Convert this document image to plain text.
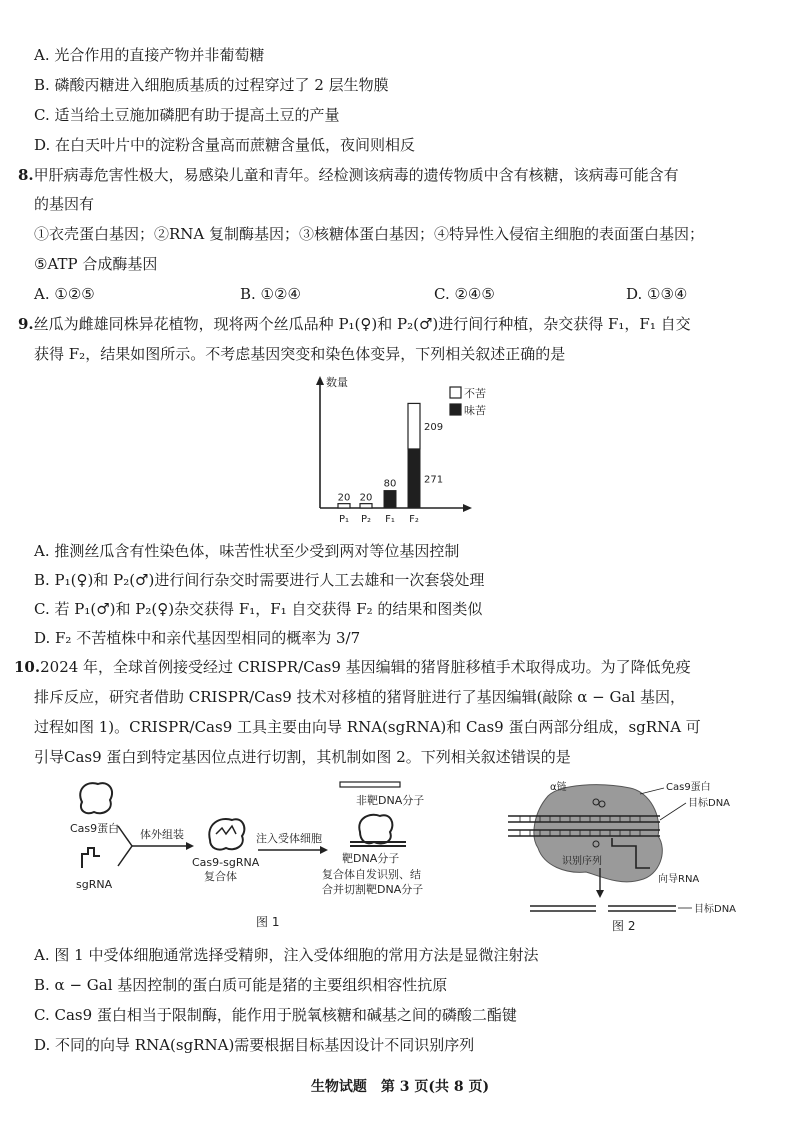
A. 光合作用的直接产物并非葡萄糖
B. 磷酸丙糖进入细胞质基质的过程穿过了 2 层生物膜
C. 适当给土豆施加磷肥有助于提高土豆的产量
D. 在白天叶片中的淀粉含量高而蔗糖含量低，夜间则相反
8.甲肝病毒危害性极大，易感染儿童和青年。经检测该病毒的遗传物质中含有核糖，该病毒可能含有
的基因有
①衣壳蛋白基因；②RNA 复制酶基因；③核糖体蛋白基因；④特异性入侵宿主细胞的表面蛋白基因；
⑤ATP 合成酶基因
A. ①②⑤	B. ①②④	C. ②④⑤	D. ①③④
9.丝瓜为雌雄同株异花植物，现将两个丝瓜品种 P₁(♀)和 P₂(♂)进行间行种植，杂交获得 F₁，F₁ 自交
获得 F₂，结果如图所示。不考虑基因突变和染色体变异，下列相关叙述正确的是
数量
不苦
味苦
P₁ P₂ F₁ F₂
20 20
80	271
209
A. 推测丝瓜含有性染色体，味苦性状至少受到两对等位基因控制
B. P₁(♀)和 P₂(♂)进行间行杂交时需要进行人工去雄和一次套袋处理
C. 若 P₁(♂)和 P₂(♀)杂交获得 F₁，F₁ 自交获得 F₂ 的结果和图类似
D. F₂ 不苦植株中和亲代基因型相同的概率为 3/7
10.2024 年，全球首例接受经过 CRISPR/Cas9 基因编辑的猪肾脏移植手术取得成功。为了降低免疫
排斥反应，研究者借助 CRISPR/Cas9 技术对移植的猪肾脏进行了基因编辑(敲除 α − Gal 基因，
过程如图 1)。CRISPR/Cas9 工具主要由向导 RNA(sgRNA)和 Cas9 蛋白两部分组成，sgRNA 可
引导Cas9 蛋白到特定基因位点进行切割，其机制如图 2。下列相关叙述错误的是
Cas9蛋白
sgRNA
体外组装
Cas9-sgRNA
复合体
注入受体细胞
非靶DNA分子
靶DNA分子
复合体自发识别、结
合并切割靶DNA分子
图 1
α链	Cas9蛋白
目标DNA
识别序列
向导RNA
目标DNA
图 2
A. 图 1 中受体细胞通常选择受精卵，注入受体细胞的常用方法是显微注射法
B. α − Gal 基因控制的蛋白质可能是猪的主要组织相容性抗原
C. Cas9 蛋白相当于限制酶，能作用于脱氧核糖和碱基之间的磷酸二酯键
D. 不同的向导 RNA(sgRNA)需要根据目标基因设计不同识别序列
生物试题　第 3 页(共 8 页)
